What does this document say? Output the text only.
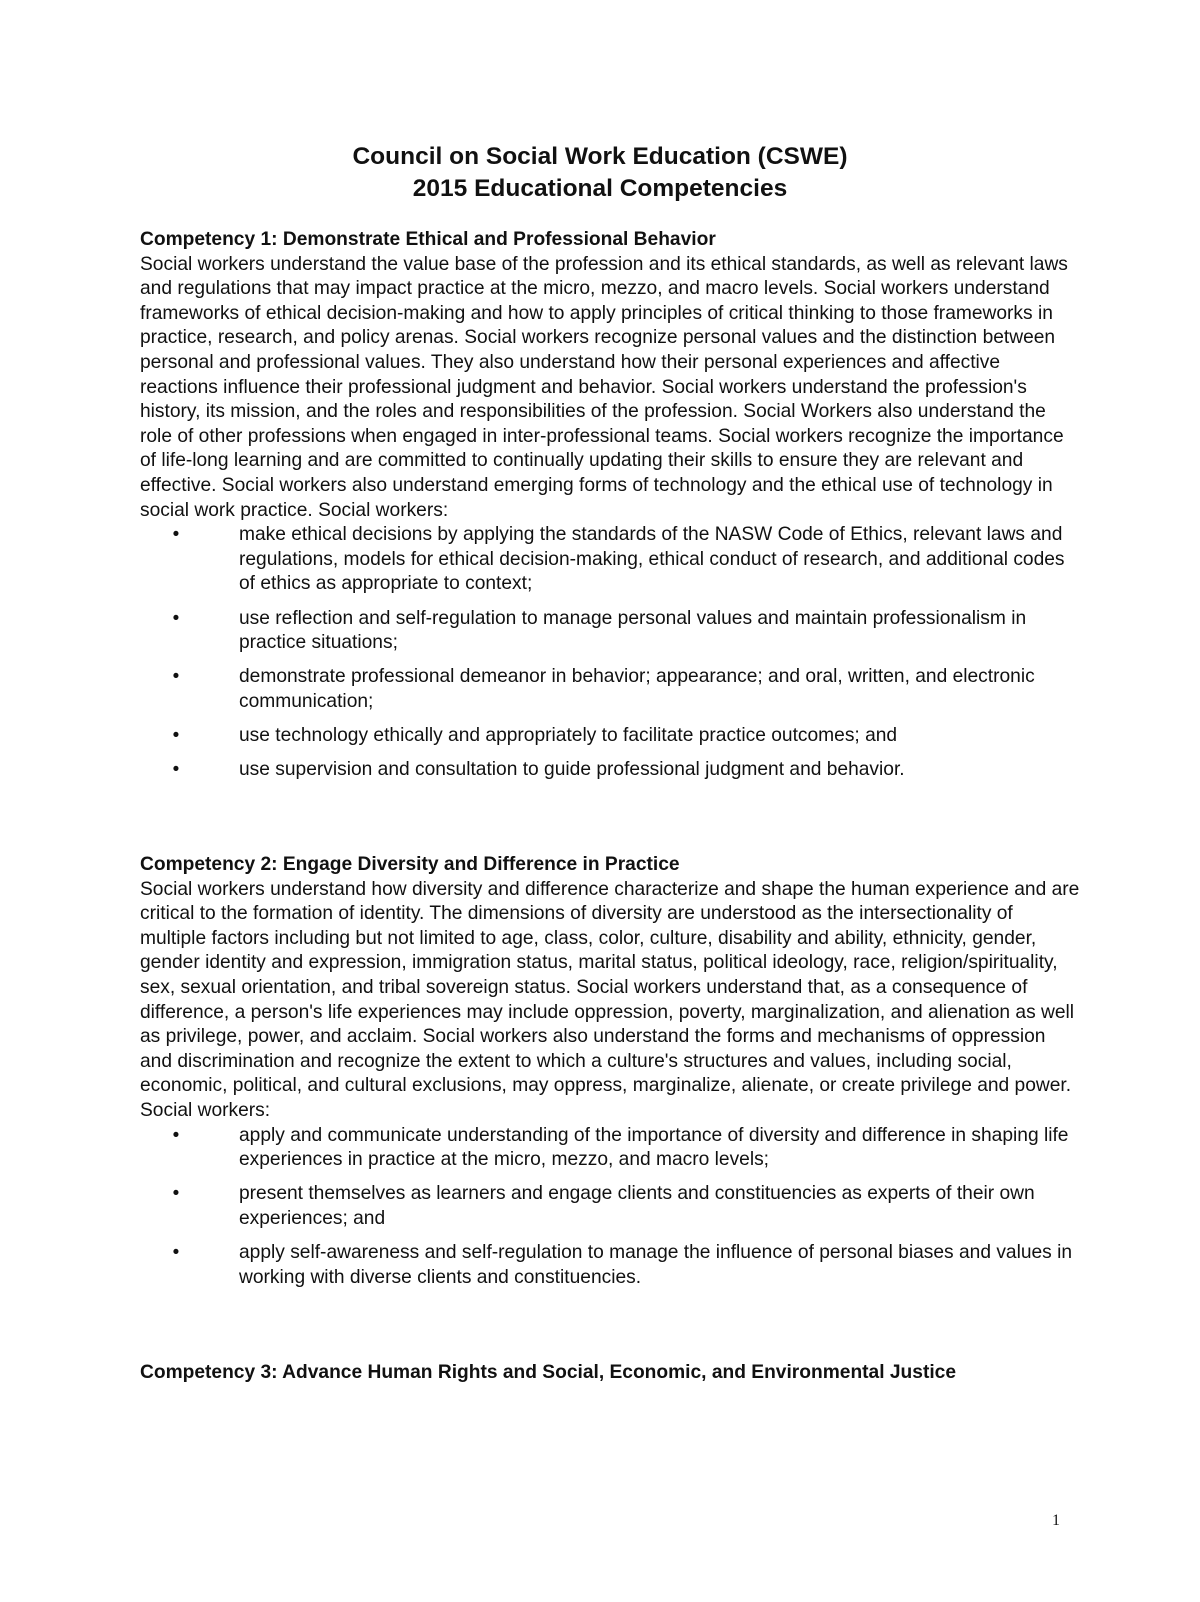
Council on Social Work Education (CSWE)
2015 Educational Competencies

Competency 1: Demonstrate Ethical and Professional Behavior

Social workers understand the value base of the profession and its ethical standards, as well as relevant laws and regulations that may impact practice at the micro, mezzo, and macro levels. Social workers understand frameworks of ethical decision-making and how to apply principles of critical thinking to those frameworks in practice, research, and policy arenas. Social workers recognize personal values and the distinction between personal and professional values. They also understand how their personal experiences and affective reactions influence their professional judgment and behavior. Social workers understand the profession's history, its mission, and the roles and responsibilities of the profession. Social Workers also understand the role of other professions when engaged in inter-professional teams. Social workers recognize the importance of life-long learning and are committed to continually updating their skills to ensure they are relevant and effective. Social workers also understand emerging forms of technology and the ethical use of technology in social work practice. Social workers:

•	make ethical decisions by applying the standards of the NASW Code of Ethics, relevant laws and regulations, models for ethical decision-making, ethical conduct of research, and additional codes of ethics as appropriate to context;
•	use reflection and self-regulation to manage personal values and maintain professionalism in practice situations;
•	demonstrate professional demeanor in behavior; appearance; and oral, written, and electronic communication;
•	use technology ethically and appropriately to facilitate practice outcomes; and
•	use supervision and consultation to guide professional judgment and behavior.

Competency 2: Engage Diversity and Difference in Practice

Social workers understand how diversity and difference characterize and shape the human experience and are critical to the formation of identity. The dimensions of diversity are understood as the intersectionality of multiple factors including but not limited to age, class, color, culture, disability and ability, ethnicity, gender, gender identity and expression, immigration status, marital status, political ideology, race, religion/spirituality, sex, sexual orientation, and tribal sovereign status. Social workers understand that, as a consequence of difference, a person's life experiences may include oppression, poverty, marginalization, and alienation as well as privilege, power, and acclaim. Social workers also understand the forms and mechanisms of oppression and discrimination and recognize the extent to which a culture's structures and values, including social, economic, political, and cultural exclusions, may oppress, marginalize, alienate, or create privilege and power. Social workers:

•	apply and communicate understanding of the importance of diversity and difference in shaping life experiences in practice at the micro, mezzo, and macro levels;
•	present themselves as learners and engage clients and constituencies as experts of their own experiences; and
•	apply self-awareness and self-regulation to manage the influence of personal biases and values in working with diverse clients and constituencies.

Competency 3: Advance Human Rights and Social, Economic, and Environmental Justice

1
